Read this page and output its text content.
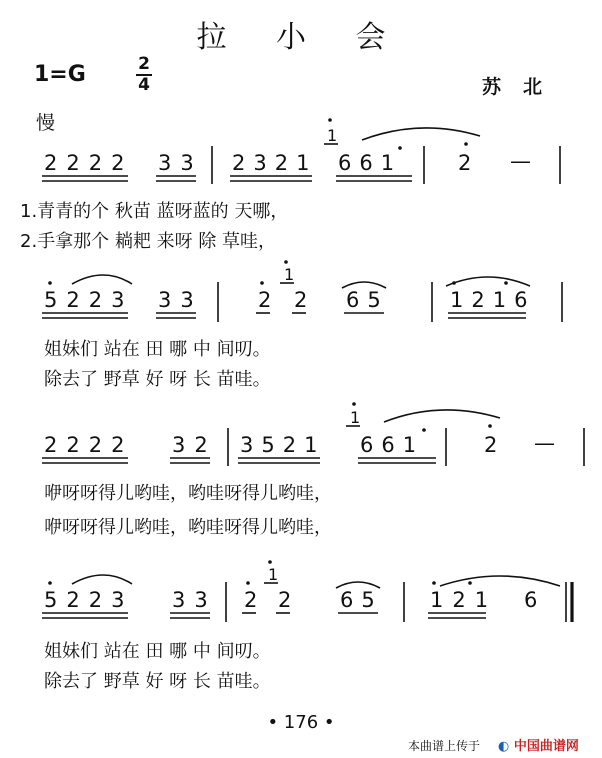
拉 小 会
1=G	2
4	苏北
慢
2222 33 2321
1
661	2 —
5223 33	2
1
2 65	1216
2222 32 3521
1
661	2 —
5223 33 2
1
2 65 121 6
1.青青的个 秋苗 蓝呀蓝的 天哪，
2.手拿那个 耥耙 来呀 除 草哇，
姐妹们 站在 田 哪 中 间叨。
除去了 野草 好 呀 长 苗哇。
咿呀呀得儿哟哇，哟哇呀得儿哟哇，
咿呀呀得儿哟哇，哟哇呀得儿哟哇，
姐妹们 站在 田 哪 中 间叨。
除去了 野草 好 呀 长 苗哇。
• 176 •
本曲谱上传于 ◐ 中国曲谱网
